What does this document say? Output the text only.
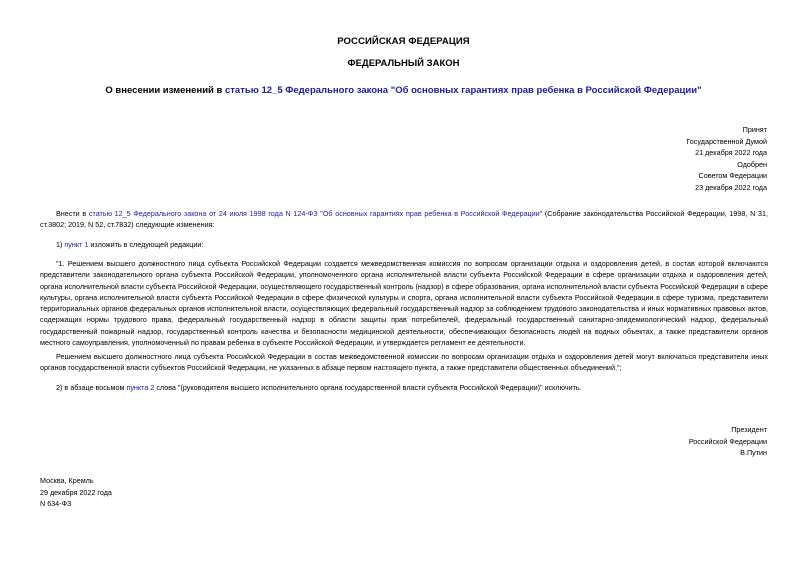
РОССИЙСКАЯ ФЕДЕРАЦИЯ
ФЕДЕРАЛЬНЫЙ ЗАКОН
О внесении изменений в статью 12_5 Федерального закона "Об основных гарантиях прав ребенка в Российской Федерации"
Принят
Государственной Думой
21 декабря 2022 года
Одобрен
Советом Федерации
23 декабря 2022 года
Внести в статью 12_5 Федерального закона от 24 июля 1998 года N 124-ФЗ "Об основных гарантиях прав ребенка в Российской Федерации" (Собрание законодательства Российской Федерации, 1998, N 31, ст.3802; 2019, N 52, ст.7832) следующие изменения:
1) пункт 1 изложить в следующей редакции:
"1. Решением высшего должностного лица субъекта Российской Федерации создается межведомственная комиссия по вопросам организации отдыха и оздоровления детей, в состав которой включаются представители законодательного органа субъекта Российской Федерации, уполномоченного органа исполнительной власти субъекта Российской Федерации в сфере организации отдыха и оздоровления детей, органа исполнительной власти субъекта Российской Федерации, осуществляющего государственный контроль (надзор) в сфере образования, органа исполнительной власти субъекта Российской Федерации в сфере культуры, органа исполнительной власти субъекта Российской Федерации в сфере физической культуры и спорта, органа исполнительной власти субъекта Российской Федерации в сфере туризма, представители территориальных органов федеральных органов исполнительной власти, осуществляющих федеральный государственный надзор за соблюдением трудового законодательства и иных нормативных правовых актов, содержащих нормы трудового права, федеральный государственный надзор в области защиты прав потребителей, федеральный государственный санитарно-эпидемиологический надзор, федеральный государственный пожарный надзор, государственный контроль качества и безопасности медицинской деятельности, обеспечивающих безопасность людей на водных объектах, а также представители органов местного самоуправления, уполномоченный по правам ребенка в субъекте Российской Федерации, и утверждается регламент ее деятельности.
Решением высшего должностного лица субъекта Российской Федерации в состав межведомственной комиссии по вопросам организации отдыха и оздоровления детей могут включаться представители иных органов государственной власти субъектов Российской Федерации, не указанных в абзаце первом настоящего пункта, а также представители общественных объединений.";
2) в абзаце восьмом пункта 2 слова "(руководителя высшего исполнительного органа государственной власти субъекта Российской Федерации)" исключить.
Президент
Российской Федерации
В.Путин
Москва, Кремль
29 декабря 2022 года
N 634-ФЗ
